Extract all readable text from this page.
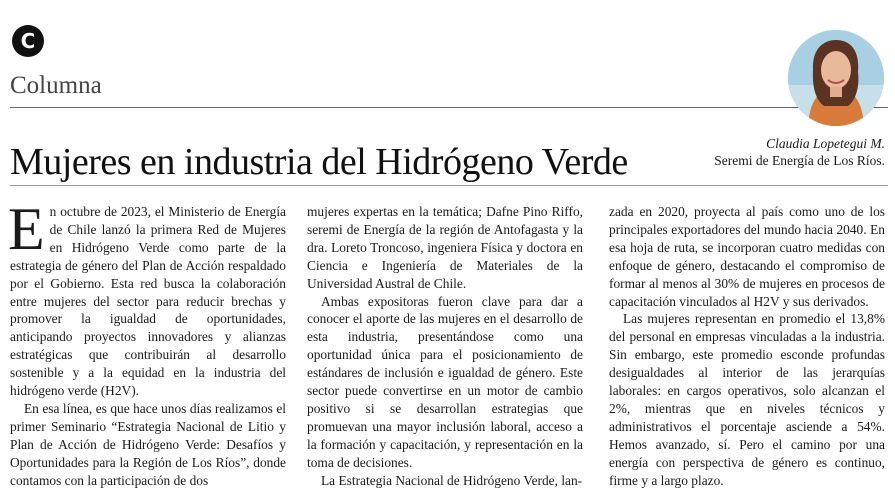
C
Columna
Claudia Lopetegui M.
Seremi de Energía de Los Ríos.
Mujeres en industria del Hidrógeno Verde

En octubre de 2023, el Ministerio de Energía de Chile lanzó la primera Red de Mujeres en Hidrógeno Verde como parte de la estrategia de género del Plan de Acción respaldado por el Gobierno. Esta red busca la colaboración entre mujeres del sector para reducir brechas y promover la igualdad de oportunidades, anticipando proyectos innovadores y alianzas estratégicas que contribuirán al desarrollo sostenible y a la equidad en la industria del hidrógeno verde (H2V).

En esa línea, es que hace unos días realizamos el primer Seminario “Estrategia Nacional de Litio y Plan de Acción de Hidrógeno Verde: Desafíos y Oportunidades para la Región de Los Ríos”, donde contamos con la participación de dos

mujeres expertas en la temática; Dafne Pino Riffo, seremi de Energía de la región de Antofagasta y la dra. Loreto Troncoso, ingeniera Física y doctora en Ciencia e Ingeniería de Materiales de la Universidad Austral de Chile.

Ambas expositoras fueron clave para dar a conocer el aporte de las mujeres en el desarrollo de esta industria, presentándose como una oportunidad única para el posicionamiento de estándares de inclusión e igualdad de género. Este sector puede convertirse en un motor de cambio positivo si se desarrollan estrategias que promuevan una mayor inclusión laboral, acceso a la formación y capacitación, y representación en la toma de decisiones.

La Estrategia Nacional de Hidrógeno Verde, lan-

zada en 2020, proyecta al país como uno de los principales exportadores del mundo hacia 2040. En esa hoja de ruta, se incorporan cuatro medidas con enfoque de género, destacando el compromiso de formar al menos al 30% de mujeres en procesos de capacitación vinculados al H2V y sus derivados.

Las mujeres representan en promedio el 13,8% del personal en empresas vinculadas a la industria. Sin embargo, este promedio esconde profundas desigualdades al interior de las jerarquías laborales: en cargos operativos, solo alcanzan el 2%, mientras que en niveles técnicos y administrativos el porcentaje asciende a 54%. Hemos avanzado, sí. Pero el camino por una energía con perspectiva de género es continuo, firme y a largo plazo.
